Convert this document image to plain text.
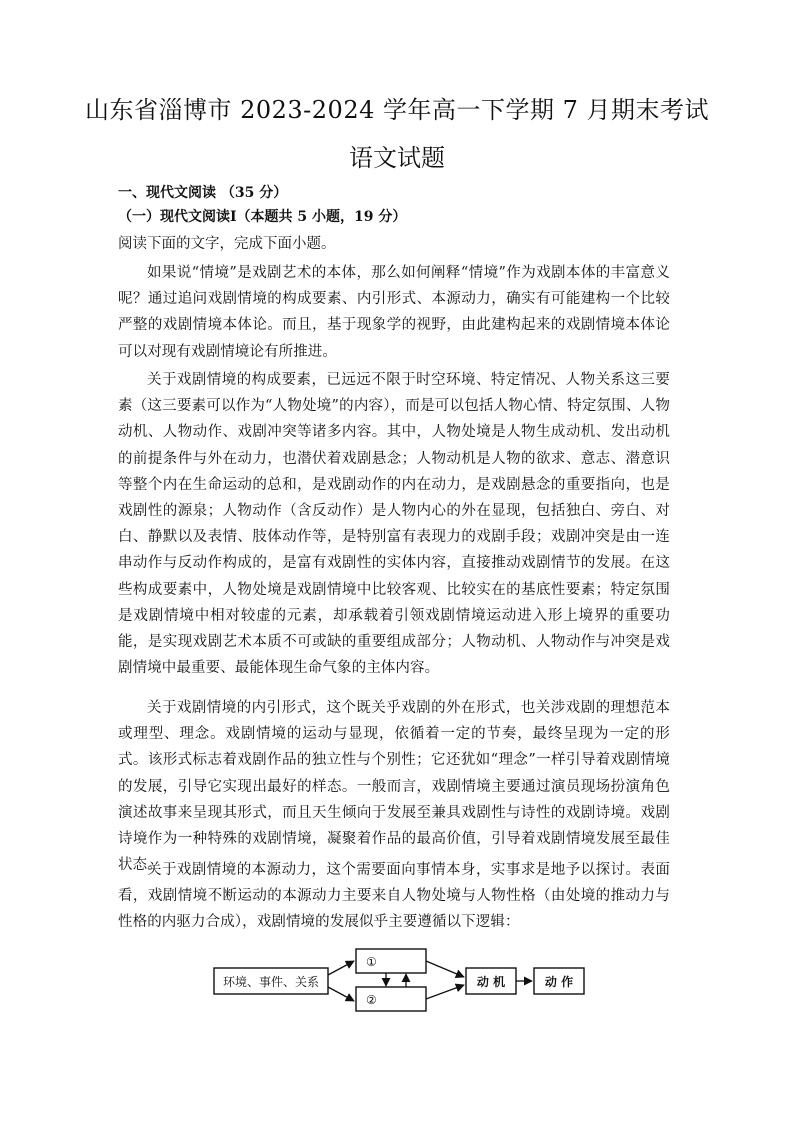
山东省淄博市 2023-2024 学年高一下学期 7 月期末考试
语文试题
一、现代文阅读 （35 分）
（一）现代文阅读Ⅰ（本题共 5 小题，19 分）
阅读下面的文字，完成下面小题。
如果说“情境”是戏剧艺术的本体，那么如何阐释“情境”作为戏剧本体的丰富意义呢？通过追问戏剧情境的构成要素、内引形式、本源动力，确实有可能建构一个比较严整的戏剧情境本体论。而且，基于现象学的视野，由此建构起来的戏剧情境本体论可以对现有戏剧情境论有所推进。
关于戏剧情境的构成要素，已远远不限于时空环境、特定情况、人物关系这三要素（这三要素可以作为“人物处境”的内容），而是可以包括人物心情、特定氛围、人物动机、人物动作、戏剧冲突等诸多内容。其中，人物处境是人物生成动机、发出动机的前提条件与外在动力，也潜伏着戏剧悬念；人物动机是人物的欲求、意志、潜意识等整个内在生命运动的总和，是戏剧动作的内在动力，是戏剧悬念的重要指向，也是戏剧性的源泉；人物动作（含反动作）是人物内心的外在显现，包括独白、旁白、对白、静默以及表情、肢体动作等，是特别富有表现力的戏剧手段；戏剧冲突是由一连串动作与反动作构成的，是富有戏剧性的实体内容，直接推动戏剧情节的发展。在这些构成要素中，人物处境是戏剧情境中比较客观、比较实在的基底性要素；特定氛围是戏剧情境中相对较虚的元素，却承载着引领戏剧情境运动进入形上境界的重要功能，是实现戏剧艺术本质不可或缺的重要组成部分；人物动机、人物动作与冲突是戏剧情境中最重要、最能体现生命气象的主体内容。
关于戏剧情境的内引形式，这个既关乎戏剧的外在形式，也关涉戏剧的理想范本或理型、理念。戏剧情境的运动与显现，依循着一定的节奏，最终呈现为一定的形式。该形式标志着戏剧作品的独立性与个别性；它还犹如“理念”一样引导着戏剧情境的发展，引导它实现出最好的样态。一般而言，戏剧情境主要通过演员现场扮演角色演述故事来呈现其形式，而且天生倾向于发展至兼具戏剧性与诗性的戏剧诗境。戏剧诗境作为一种特殊的戏剧情境，凝聚着作品的最高价值，引导着戏剧情境发展至最佳状态。
关于戏剧情境的本源动力，这个需要面向事情本身，实事求是地予以探讨。表面看，戏剧情境不断运动的本源动力主要来自人物处境与人物性格（由处境的推动力与性格的内驱力合成），戏剧情境的发展似乎主要遵循以下逻辑：
环境、事件、关系
①
②
动 机	动 作
